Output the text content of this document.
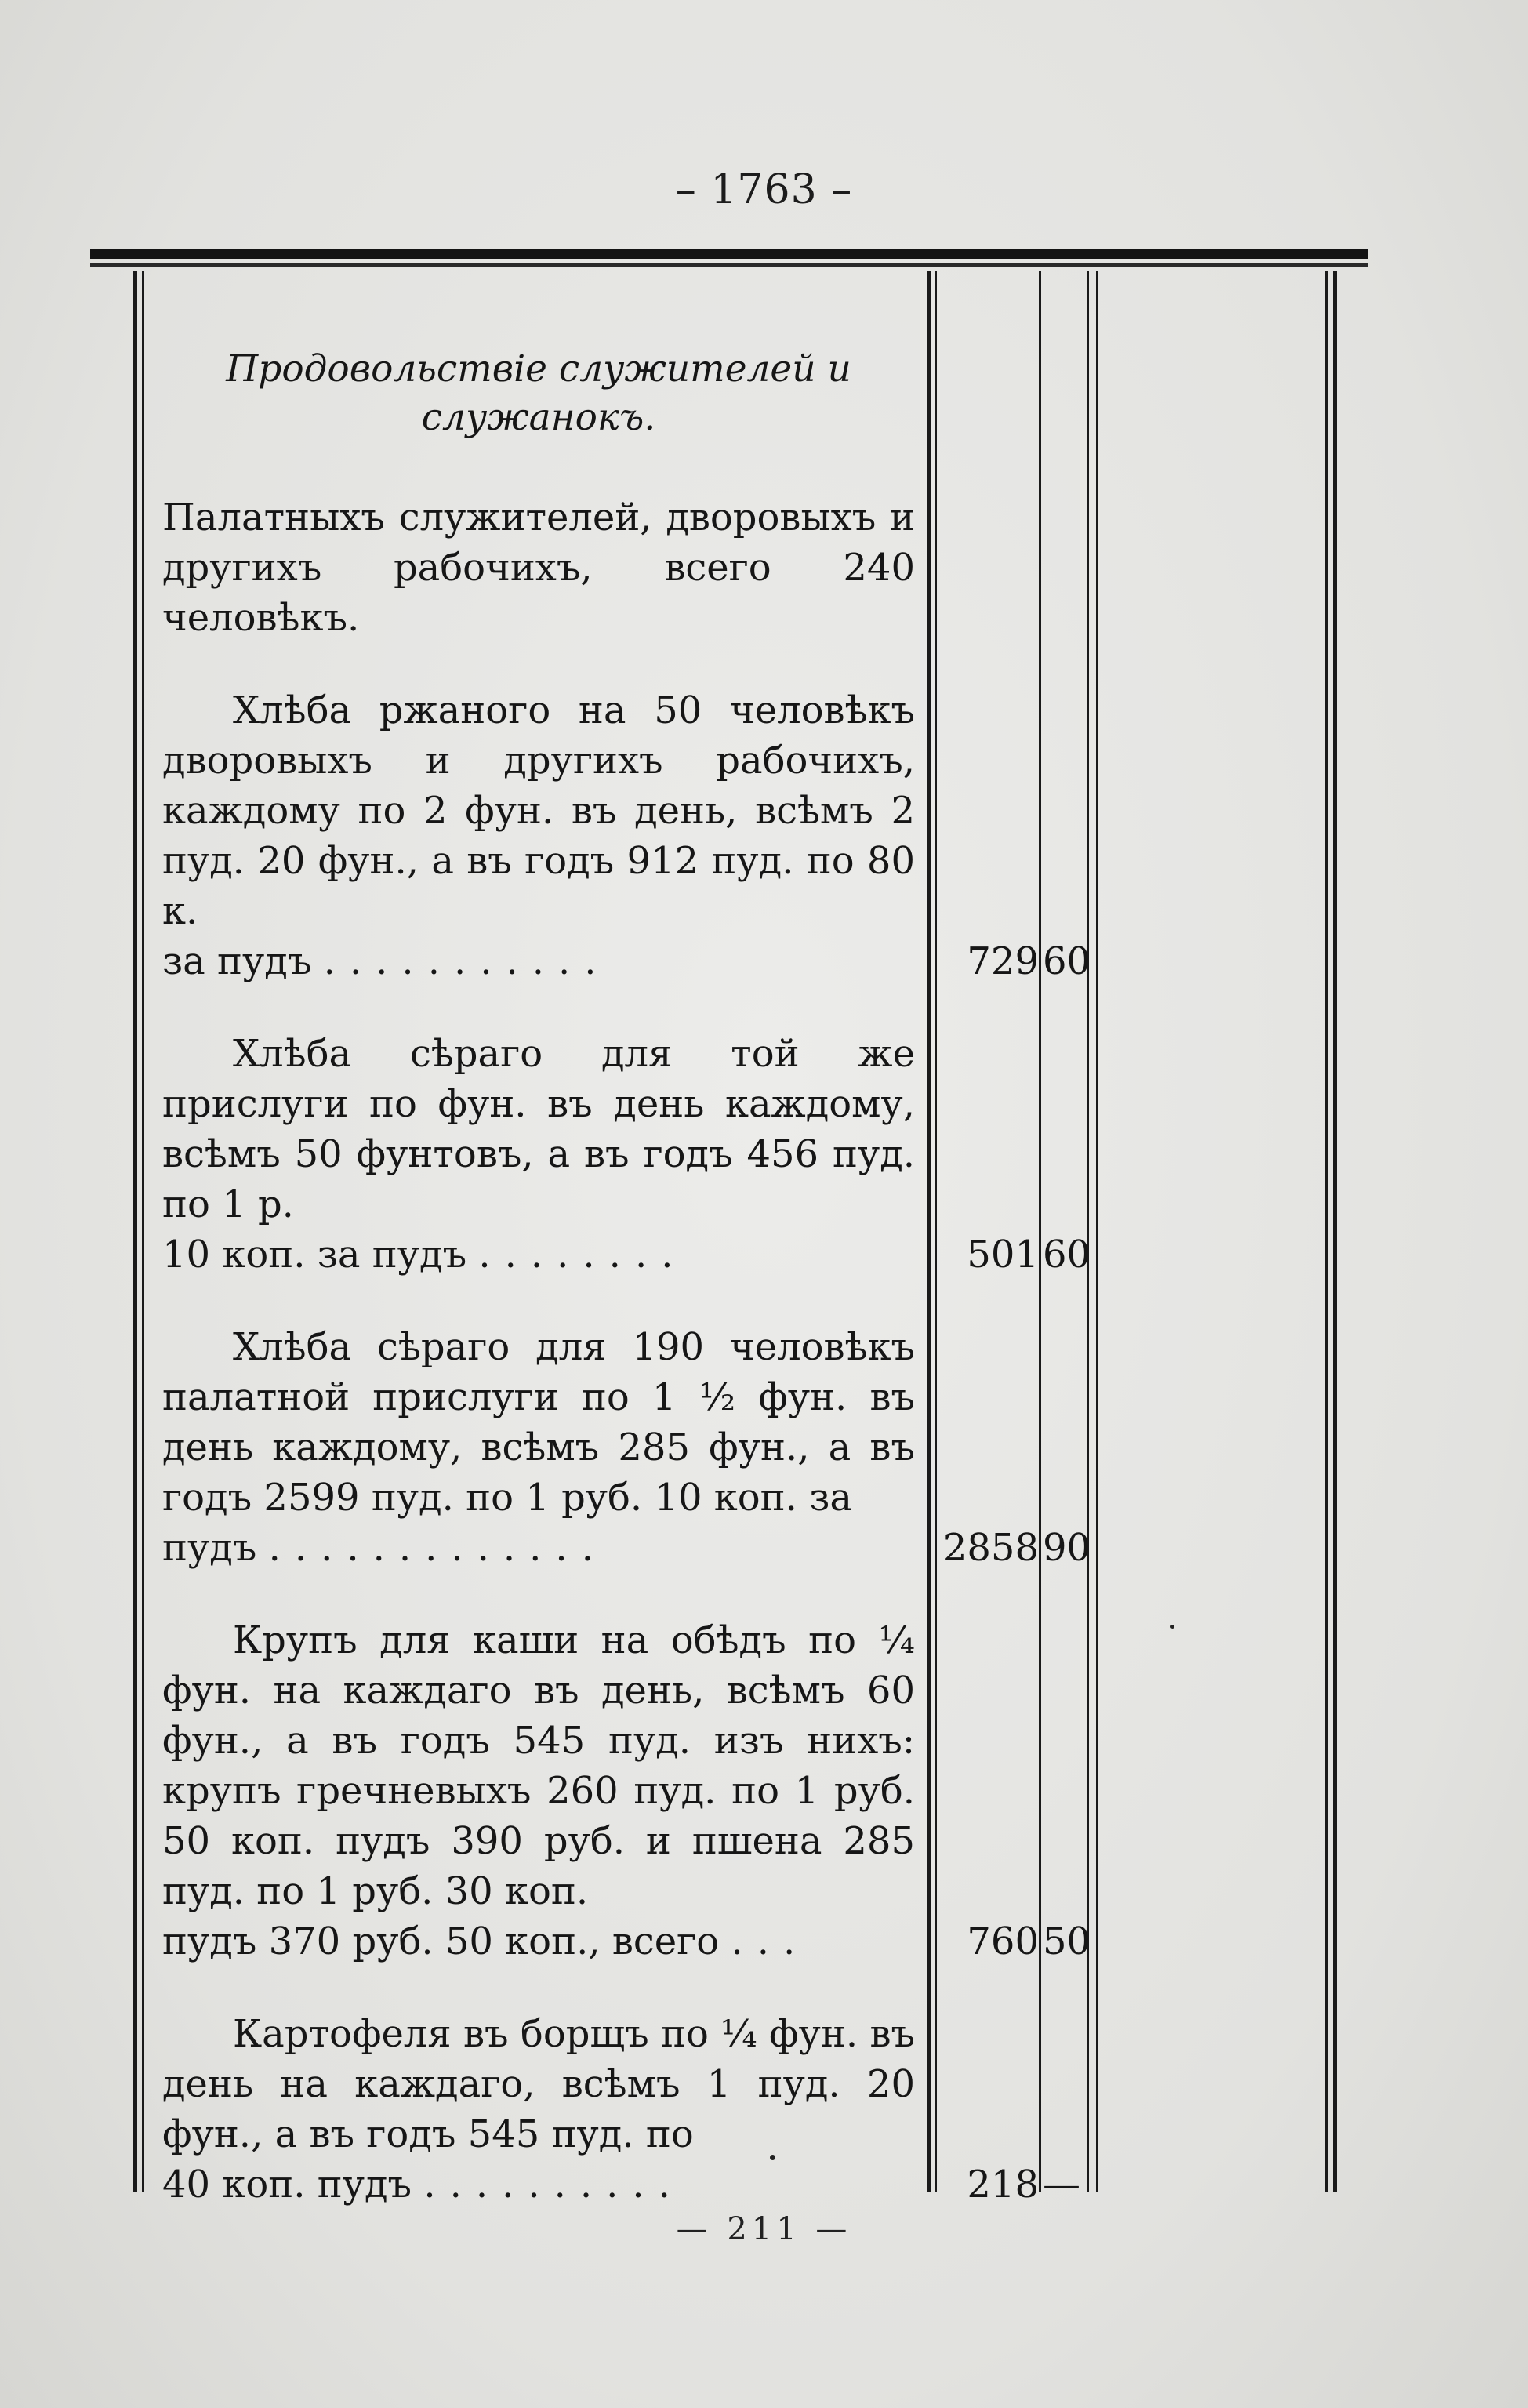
– 1763 –
Продовольствіе служителей и служанокъ.

Палатныхъ служителей, дворовыхъ и другихъ рабочихъ, всего 240 человѣкъ.

Хлѣба ржаного на 50 человѣкъ дворовыхъ и другихъ рабочихъ, каждому по 2 фун. въ день, всѣмъ 2 пуд. 20 фун., а въ годъ 912 пуд. по 80 к.
за пудъ ...........
Хлѣба сѣраго для той же прислуги по фун. въ день каждому, всѣмъ 50 фунтовъ, а въ годъ 456 пуд. по 1 р.
10 коп. за пудъ ........
Хлѣба сѣраго для 190 человѣкъ палатной прислуги по 1 ½ фун. въ день каждому, всѣмъ 285 фун., а въ годъ 2599 пуд. по 1 руб. 10 коп. за
пудъ .............
Крупъ для каши на обѣдъ по ¼ фун. на каждаго въ день, всѣмъ 60 фун., а въ годъ 545 пуд. изъ нихъ: крупъ гречневыхъ 260 пуд. по 1 руб. 50 коп. пудъ 390 руб. и пшена 285 пуд. по 1 руб. 30 коп.
пудъ 370 руб. 50 коп., всего ...
Картофеля въ борщъ по ¼ фун. въ день на каждаго, всѣмъ 1 пуд. 20 фун., а въ годъ 545 пуд. по
40 коп. пудъ ..........
729 60
501 60
2858 90
760 50
218 —
— 211 —
